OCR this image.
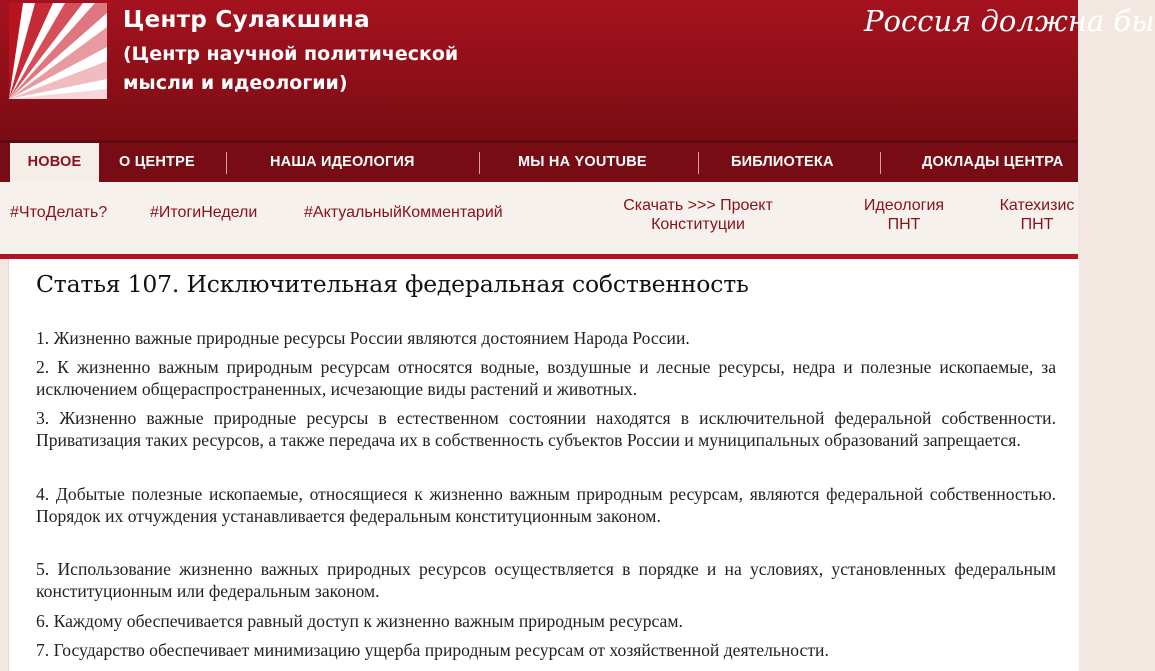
Центр Сулакшина
(Центр научной политической мысли и идеологии)
Россия должна бы
НОВОЕ	О ЦЕНТРЕ	НАША ИДЕОЛОГИЯ	МЫ НА YOUTUBE	БИБЛИОТЕКА	ДОКЛАДЫ ЦЕНТРА
#ЧтоДелать?	#ИтогиНедели	#АктуальныйКомментарий	Скачать >>> Проект
Конституции
Идеология
ПНТ
Катехизис
ПНТ
Статья 107. Исключительная федеральная собственность
1. Жизненно важные природные ресурсы России являются достоянием Народа России.
2. К жизненно важным природным ресурсам относятся водные, воздушные и лесные ресурсы, недра и полезные ископаемые, за исключением общераспространенных, исчезающие виды растений и животных.
3. Жизненно важные природные ресурсы в естественном состоянии находятся в исключительной федеральной собственности. Приватизация таких ресурсов, а также передача их в собственность субъектов России и муниципальных образований запрещается.
4. Добытые полезные ископаемые, относящиеся к жизненно важным природным ресурсам, являются федеральной собственностью. Порядок их отчуждения устанавливается федеральным конституционным законом.
5. Использование жизненно важных природных ресурсов осуществляется в порядке и на условиях, установленных федеральным конституционным или федеральным законом.
6. Каждому обеспечивается равный доступ к жизненно важным природным ресурсам.
7. Государство обеспечивает минимизацию ущерба природным ресурсам от хозяйственной деятельности.
